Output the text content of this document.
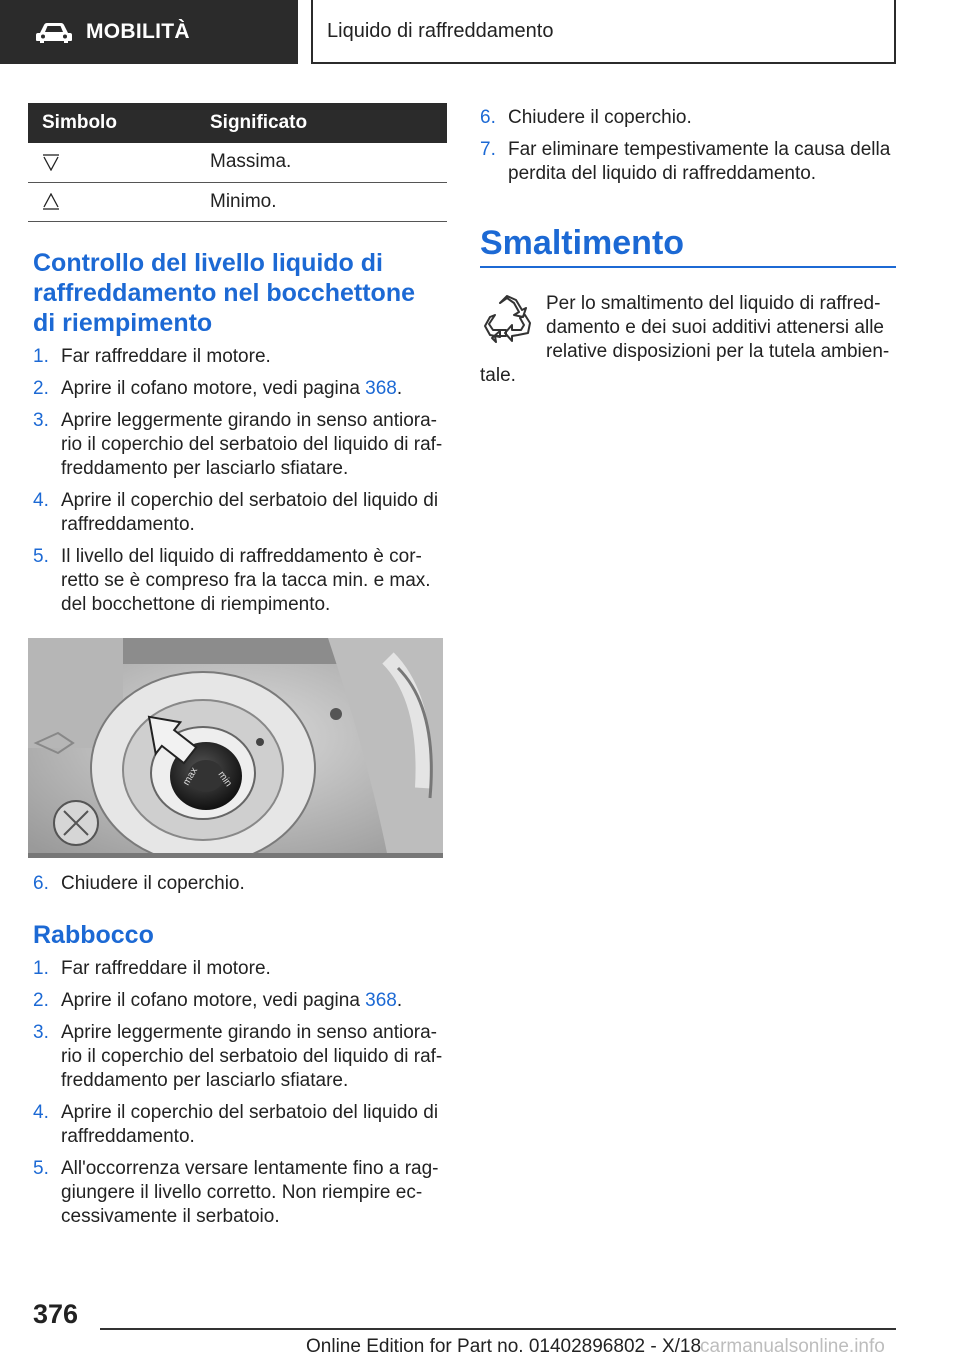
MOBILITÀ	Liquido di raffreddamento
Simbolo	Significato

	Massima.

	Minimo.
Controllo del livello liquido di
raffreddamento nel bocchettone
di riempimento
1. Far raffreddare il motore.
2. Aprire il cofano motore, vedi pagina 368.
3. Aprire leggermente girando in senso antiora-
rio il coperchio del serbatoio del liquido di raf-
freddamento per lasciarlo sfiatare.
4. Aprire il coperchio del serbatoio del liquido di
raffreddamento.
5. Il livello del liquido di raffreddamento è cor-
retto se è compreso fra la tacca min. e max.
del bocchettone di riempimento.
min
max
6. Chiudere il coperchio.
Rabbocco
1. Far raffreddare il motore.
2. Aprire il cofano motore, vedi pagina 368.
3. Aprire leggermente girando in senso antiora-
rio il coperchio del serbatoio del liquido di raf-
freddamento per lasciarlo sfiatare.
4. Aprire il coperchio del serbatoio del liquido di
raffreddamento.
5. All'occorrenza versare lentamente fino a rag-
giungere il livello corretto. Non riempire ec-
cessivamente il serbatoio.
6. Chiudere il coperchio.
7. Far eliminare tempestivamente la causa della
perdita del liquido di raffreddamento.
Smaltimento

Per lo smaltimento del liquido di raffred-
damento e dei suoi additivi attenersi alle
relative disposizioni per la tutela ambien-
tale.

376
Online Edition for Part no. 01402896802 - X/18
carmanualsonline.info
